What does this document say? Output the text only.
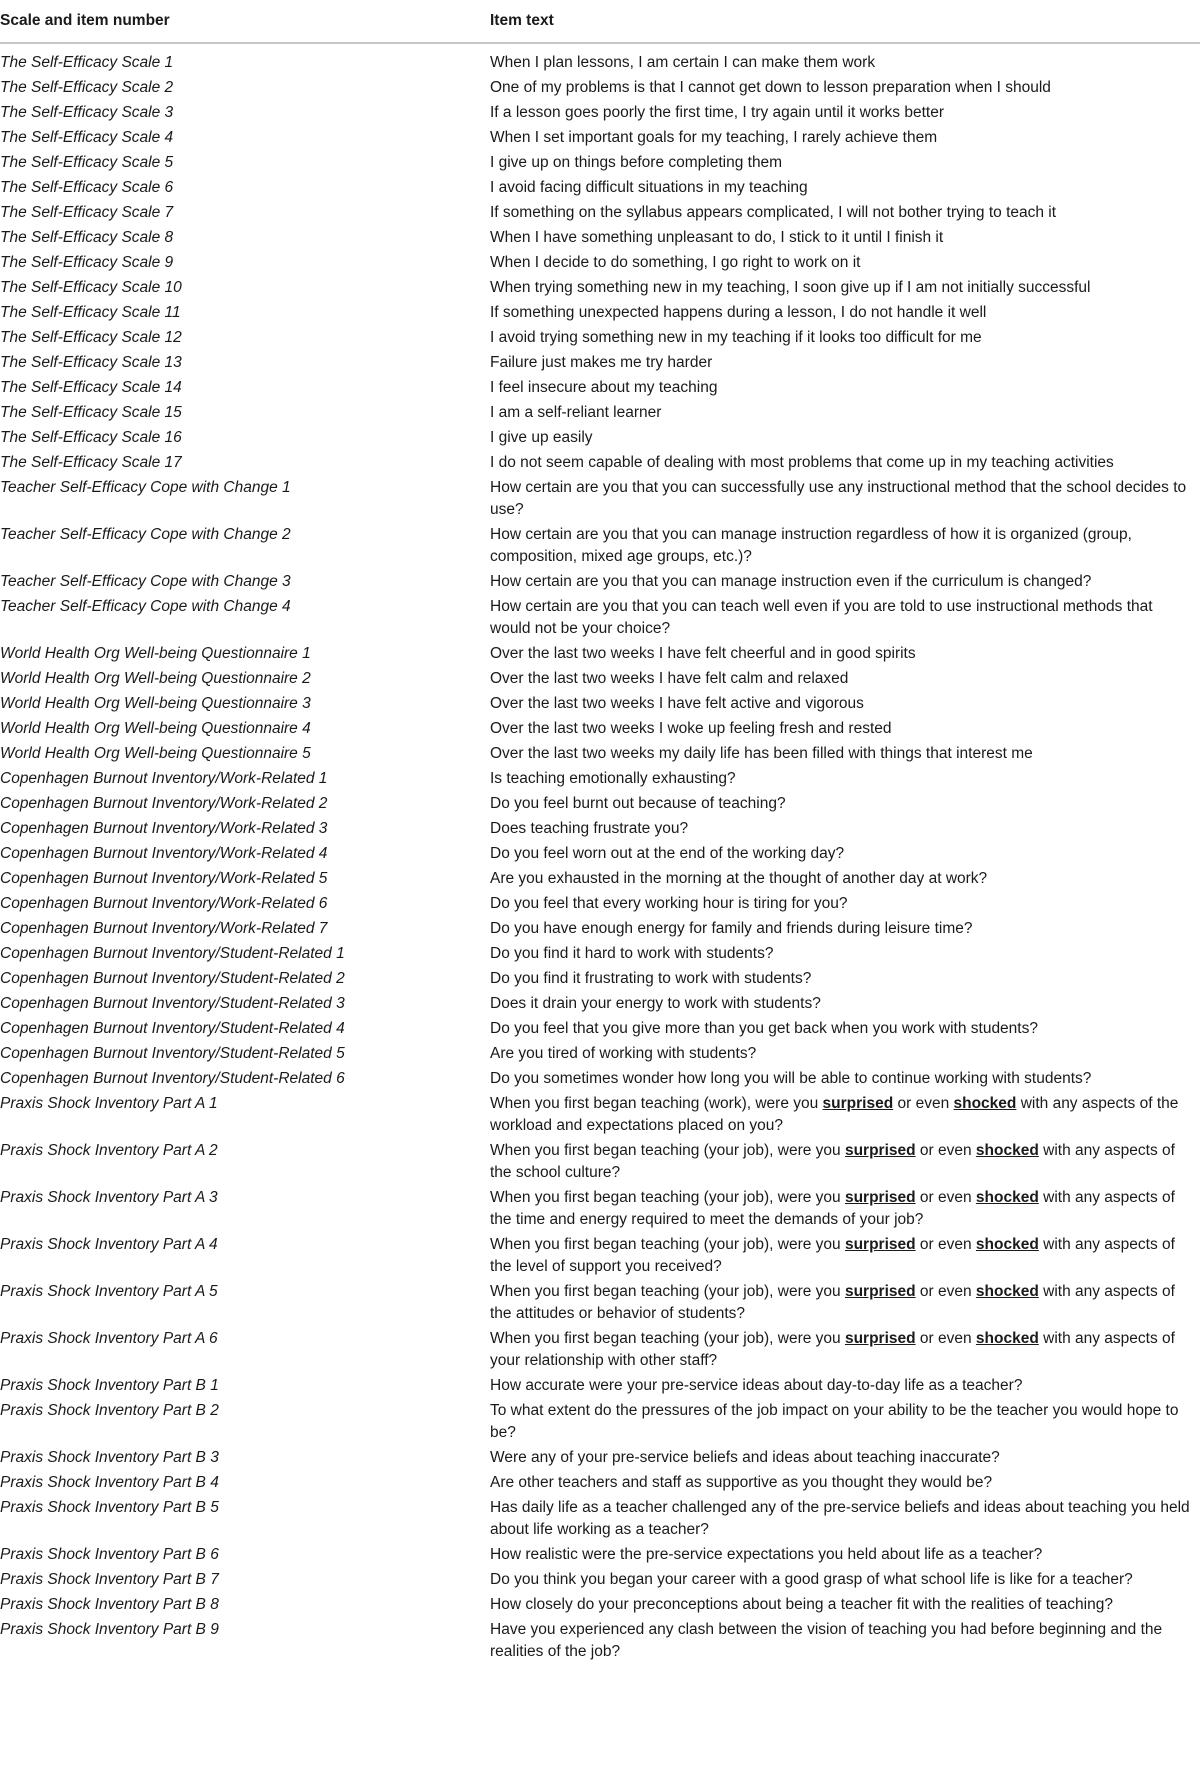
Scale and item number	Item text
The Self-Efficacy Scale 1	When I plan lessons, I am certain I can make them work
The Self-Efficacy Scale 2	One of my problems is that I cannot get down to lesson preparation when I should
The Self-Efficacy Scale 3	If a lesson goes poorly the first time, I try again until it works better
The Self-Efficacy Scale 4	When I set important goals for my teaching, I rarely achieve them
The Self-Efficacy Scale 5	I give up on things before completing them
The Self-Efficacy Scale 6	I avoid facing difficult situations in my teaching
The Self-Efficacy Scale 7	If something on the syllabus appears complicated, I will not bother trying to teach it
The Self-Efficacy Scale 8	When I have something unpleasant to do, I stick to it until I finish it
The Self-Efficacy Scale 9	When I decide to do something, I go right to work on it
The Self-Efficacy Scale 10	When trying something new in my teaching, I soon give up if I am not initially successful
The Self-Efficacy Scale 11	If something unexpected happens during a lesson, I do not handle it well
The Self-Efficacy Scale 12	I avoid trying something new in my teaching if it looks too difficult for me
The Self-Efficacy Scale 13	Failure just makes me try harder
The Self-Efficacy Scale 14	I feel insecure about my teaching
The Self-Efficacy Scale 15	I am a self-reliant learner
The Self-Efficacy Scale 16	I give up easily
The Self-Efficacy Scale 17	I do not seem capable of dealing with most problems that come up in my teaching activities
Teacher Self-Efficacy Cope with Change 1	How certain are you that you can successfully use any instructional method that the school decides to use?
Teacher Self-Efficacy Cope with Change 2	How certain are you that you can manage instruction regardless of how it is organized (group, composition, mixed age groups, etc.)?
Teacher Self-Efficacy Cope with Change 3	How certain are you that you can manage instruction even if the curriculum is changed?
Teacher Self-Efficacy Cope with Change 4	How certain are you that you can teach well even if you are told to use instructional methods that would not be your choice?
World Health Org Well-being Questionnaire 1	Over the last two weeks I have felt cheerful and in good spirits
World Health Org Well-being Questionnaire 2	Over the last two weeks I have felt calm and relaxed
World Health Org Well-being Questionnaire 3	Over the last two weeks I have felt active and vigorous
World Health Org Well-being Questionnaire 4	Over the last two weeks I woke up feeling fresh and rested
World Health Org Well-being Questionnaire 5	Over the last two weeks my daily life has been filled with things that interest me
Copenhagen Burnout Inventory/Work-Related 1	Is teaching emotionally exhausting?
Copenhagen Burnout Inventory/Work-Related 2	Do you feel burnt out because of teaching?
Copenhagen Burnout Inventory/Work-Related 3	Does teaching frustrate you?
Copenhagen Burnout Inventory/Work-Related 4	Do you feel worn out at the end of the working day?
Copenhagen Burnout Inventory/Work-Related 5	Are you exhausted in the morning at the thought of another day at work?
Copenhagen Burnout Inventory/Work-Related 6	Do you feel that every working hour is tiring for you?
Copenhagen Burnout Inventory/Work-Related 7	Do you have enough energy for family and friends during leisure time?
Copenhagen Burnout Inventory/Student-Related 1	Do you find it hard to work with students?
Copenhagen Burnout Inventory/Student-Related 2	Do you find it frustrating to work with students?
Copenhagen Burnout Inventory/Student-Related 3	Does it drain your energy to work with students?
Copenhagen Burnout Inventory/Student-Related 4	Do you feel that you give more than you get back when you work with students?
Copenhagen Burnout Inventory/Student-Related 5	Are you tired of working with students?
Copenhagen Burnout Inventory/Student-Related 6	Do you sometimes wonder how long you will be able to continue working with students?
Praxis Shock Inventory Part A 1	When you first began teaching (work), were you surprised or even shocked with any aspects of the workload and expectations placed on you?
Praxis Shock Inventory Part A 2	When you first began teaching (your job), were you surprised or even shocked with any aspects of the school culture?
Praxis Shock Inventory Part A 3	When you first began teaching (your job), were you surprised or even shocked with any aspects of the time and energy required to meet the demands of your job?
Praxis Shock Inventory Part A 4	When you first began teaching (your job), were you surprised or even shocked with any aspects of the level of support you received?
Praxis Shock Inventory Part A 5	When you first began teaching (your job), were you surprised or even shocked with any aspects of the attitudes or behavior of students?
Praxis Shock Inventory Part A 6	When you first began teaching (your job), were you surprised or even shocked with any aspects of your relationship with other staff?
Praxis Shock Inventory Part B 1	How accurate were your pre-service ideas about day-to-day life as a teacher?
Praxis Shock Inventory Part B 2	To what extent do the pressures of the job impact on your ability to be the teacher you would hope to be?
Praxis Shock Inventory Part B 3	Were any of your pre-service beliefs and ideas about teaching inaccurate?
Praxis Shock Inventory Part B 4	Are other teachers and staff as supportive as you thought they would be?
Praxis Shock Inventory Part B 5	Has daily life as a teacher challenged any of the pre-service beliefs and ideas about teaching you held about life working as a teacher?
Praxis Shock Inventory Part B 6	How realistic were the pre-service expectations you held about life as a teacher?
Praxis Shock Inventory Part B 7	Do you think you began your career with a good grasp of what school life is like for a teacher?
Praxis Shock Inventory Part B 8	How closely do your preconceptions about being a teacher fit with the realities of teaching?
Praxis Shock Inventory Part B 9	Have you experienced any clash between the vision of teaching you had before beginning and the realities of the job?
